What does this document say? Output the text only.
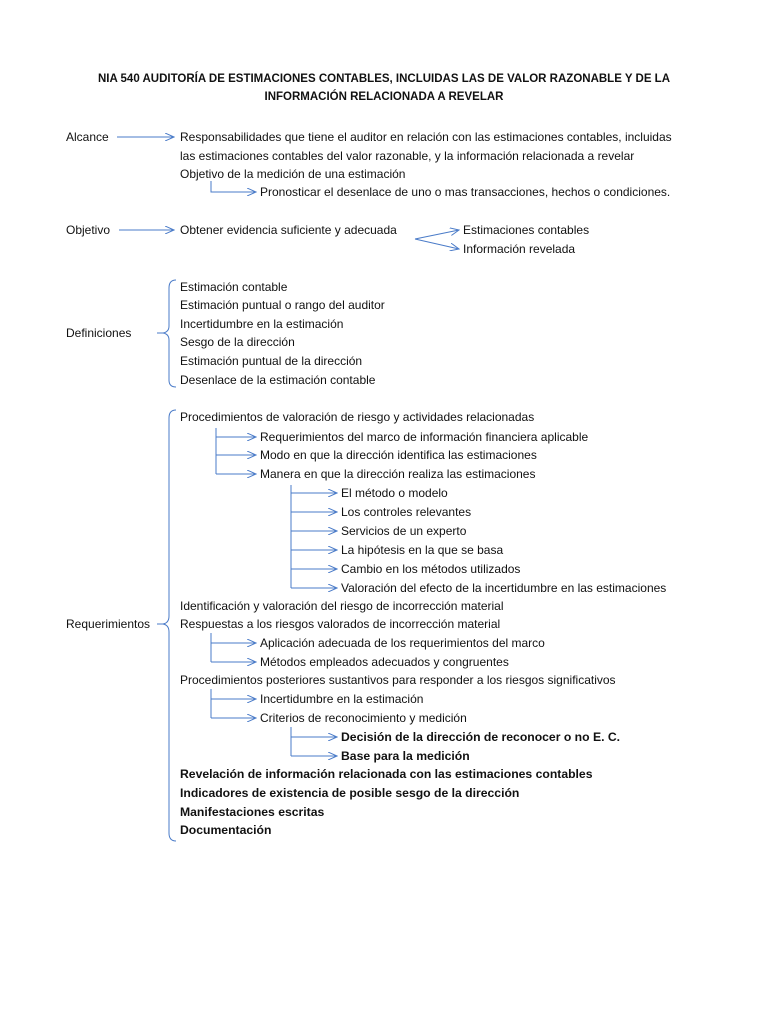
NIA 540 AUDITORÍA DE ESTIMACIONES CONTABLES, INCLUIDAS LAS DE VALOR RAZONABLE Y DE LA
INFORMACIÓN RELACIONADA A REVELAR
Alcance	Responsabilidades que tiene el auditor en relación con las estimaciones contables, incluidas
las estimaciones contables del valor razonable, y la información relacionada a revelar
Objetivo de la medición de una estimación
Pronosticar el desenlace de uno o mas transacciones, hechos o condiciones.
Objetivo	Obtener evidencia suficiente y adecuada	Estimaciones contables
Información revelada
Definiciones
Estimación contable
Estimación puntual o rango del auditor
Incertidumbre en la estimación
Sesgo de la dirección
Estimación puntual de la dirección
Desenlace de la estimación contable
Requerimientos
Procedimientos de valoración de riesgo y actividades relacionadas
Requerimientos del marco de información financiera aplicable
Modo en que la dirección identifica las estimaciones
Manera en que la dirección realiza las estimaciones
El método o modelo
Los controles relevantes
Servicios de un experto
La hipótesis en la que se basa
Cambio en los métodos utilizados
Valoración del efecto de la incertidumbre en las estimaciones
Identificación y valoración del riesgo de incorrección material
Respuestas a los riesgos valorados de incorrección material
Aplicación adecuada de los requerimientos del marco
Métodos empleados adecuados y congruentes
Procedimientos posteriores sustantivos para responder a los riesgos significativos
Incertidumbre en la estimación
Criterios de reconocimiento y medición
Decisión de la dirección de reconocer o no E. C.
Base para la medición
Revelación de información relacionada con las estimaciones contables
Indicadores de existencia de posible sesgo de la dirección
Manifestaciones escritas
Documentación
